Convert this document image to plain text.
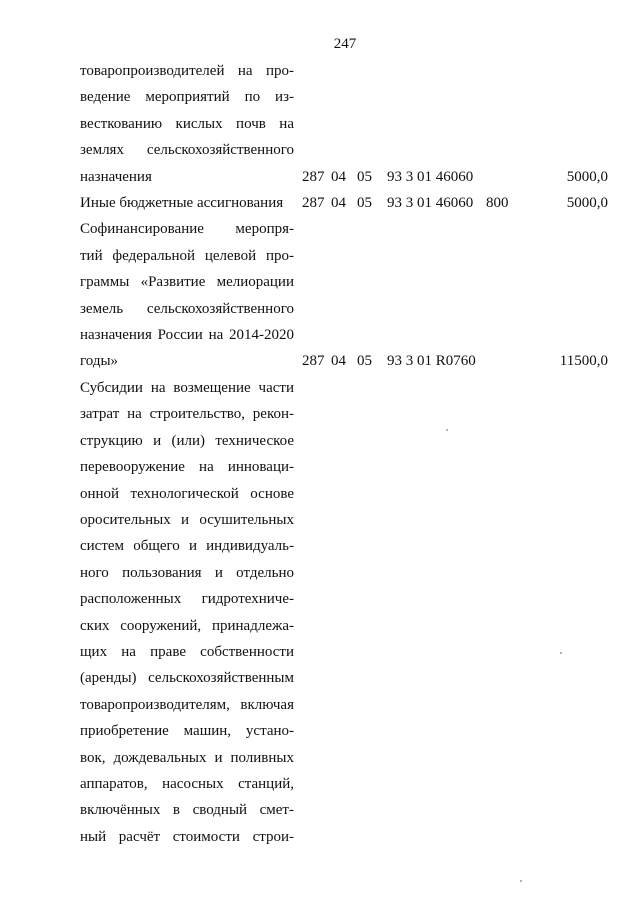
247
товаропроизводителей на про-
ведение мероприятий по из-
весткованию кислых почв на
землях сельскохозяйственного
назначения	287 04 05 93 3 01 46060	5000,0
Иные бюджетные ассигнования	287 04 05 93 3 01 46060 800	5000,0
Софинансирование меропря-
тий федеральной целевой про-
граммы «Развитие мелиорации
земель сельскохозяйственного
назначения России на 2014-2020
годы»	287 04 05 93 3 01 R0760	11500,0
Субсидии на возмещение части
затрат на строительство, рекон-
струкцию и (или) техническое
перевооружение на инноваци-
онной технологической основе
оросительных и осушительных
систем общего и индивидуаль-
ного пользования и отдельно
расположенных гидротехниче-
ских сооружений, принадлежа-
щих на праве собственности
(аренды) сельскохозяйственным
товаропроизводителям, включая
приобретение машин, устано-
вок, дождевальных и поливных
аппаратов, насосных станций,
включённых в сводный смет-
ный расчёт стоимости строи-
